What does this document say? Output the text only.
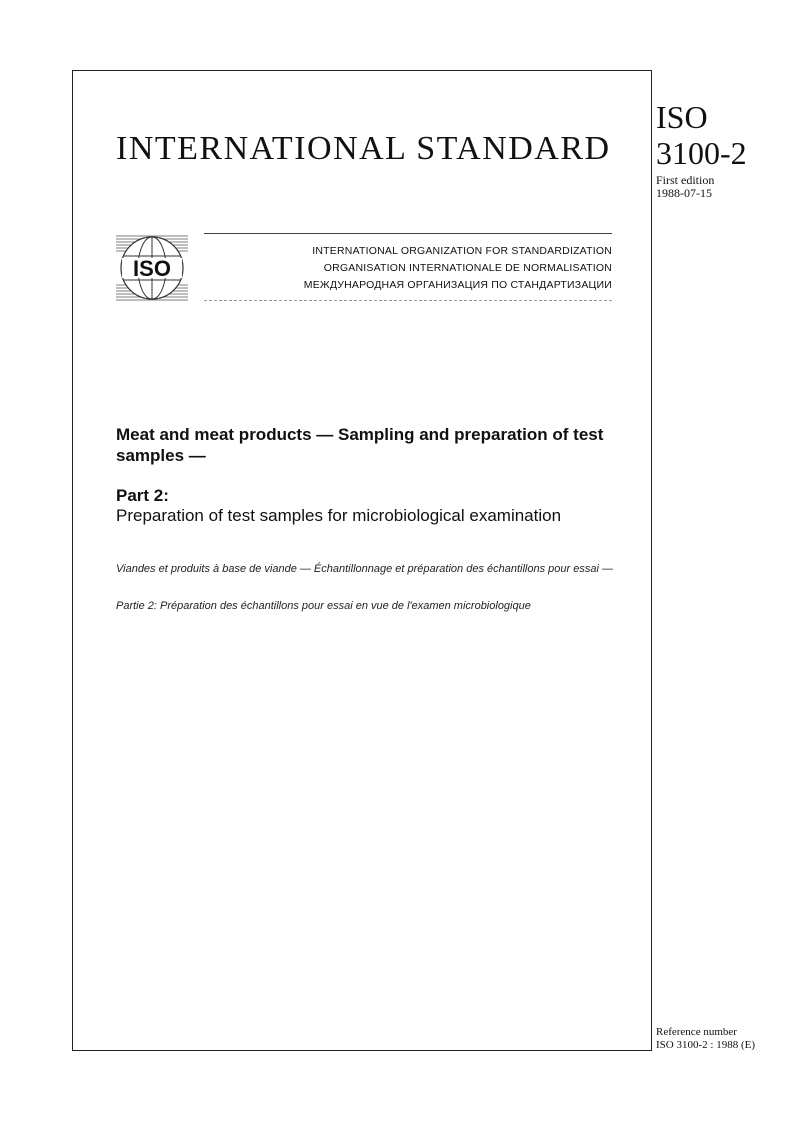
INTERNATIONAL STANDARD
ISO
3100-2
First edition
1988-07-15
ISO
INTERNATIONAL ORGANIZATION FOR STANDARDIZATION
ORGANISATION INTERNATIONALE DE NORMALISATION
МЕЖДУНАРОДНАЯ ОРГАНИЗАЦИЯ ПО СТАНДАРТИЗАЦИИ
Meat and meat products — Sampling and preparation of test samples —
Part 2:
Preparation of test samples for microbiological examination
Viandes et produits à base de viande — Échantillonnage et préparation des échantillons pour essai —
Partie 2: Préparation des échantillons pour essai en vue de l'examen microbiologique
Reference number
ISO 3100-2 : 1988 (E)
